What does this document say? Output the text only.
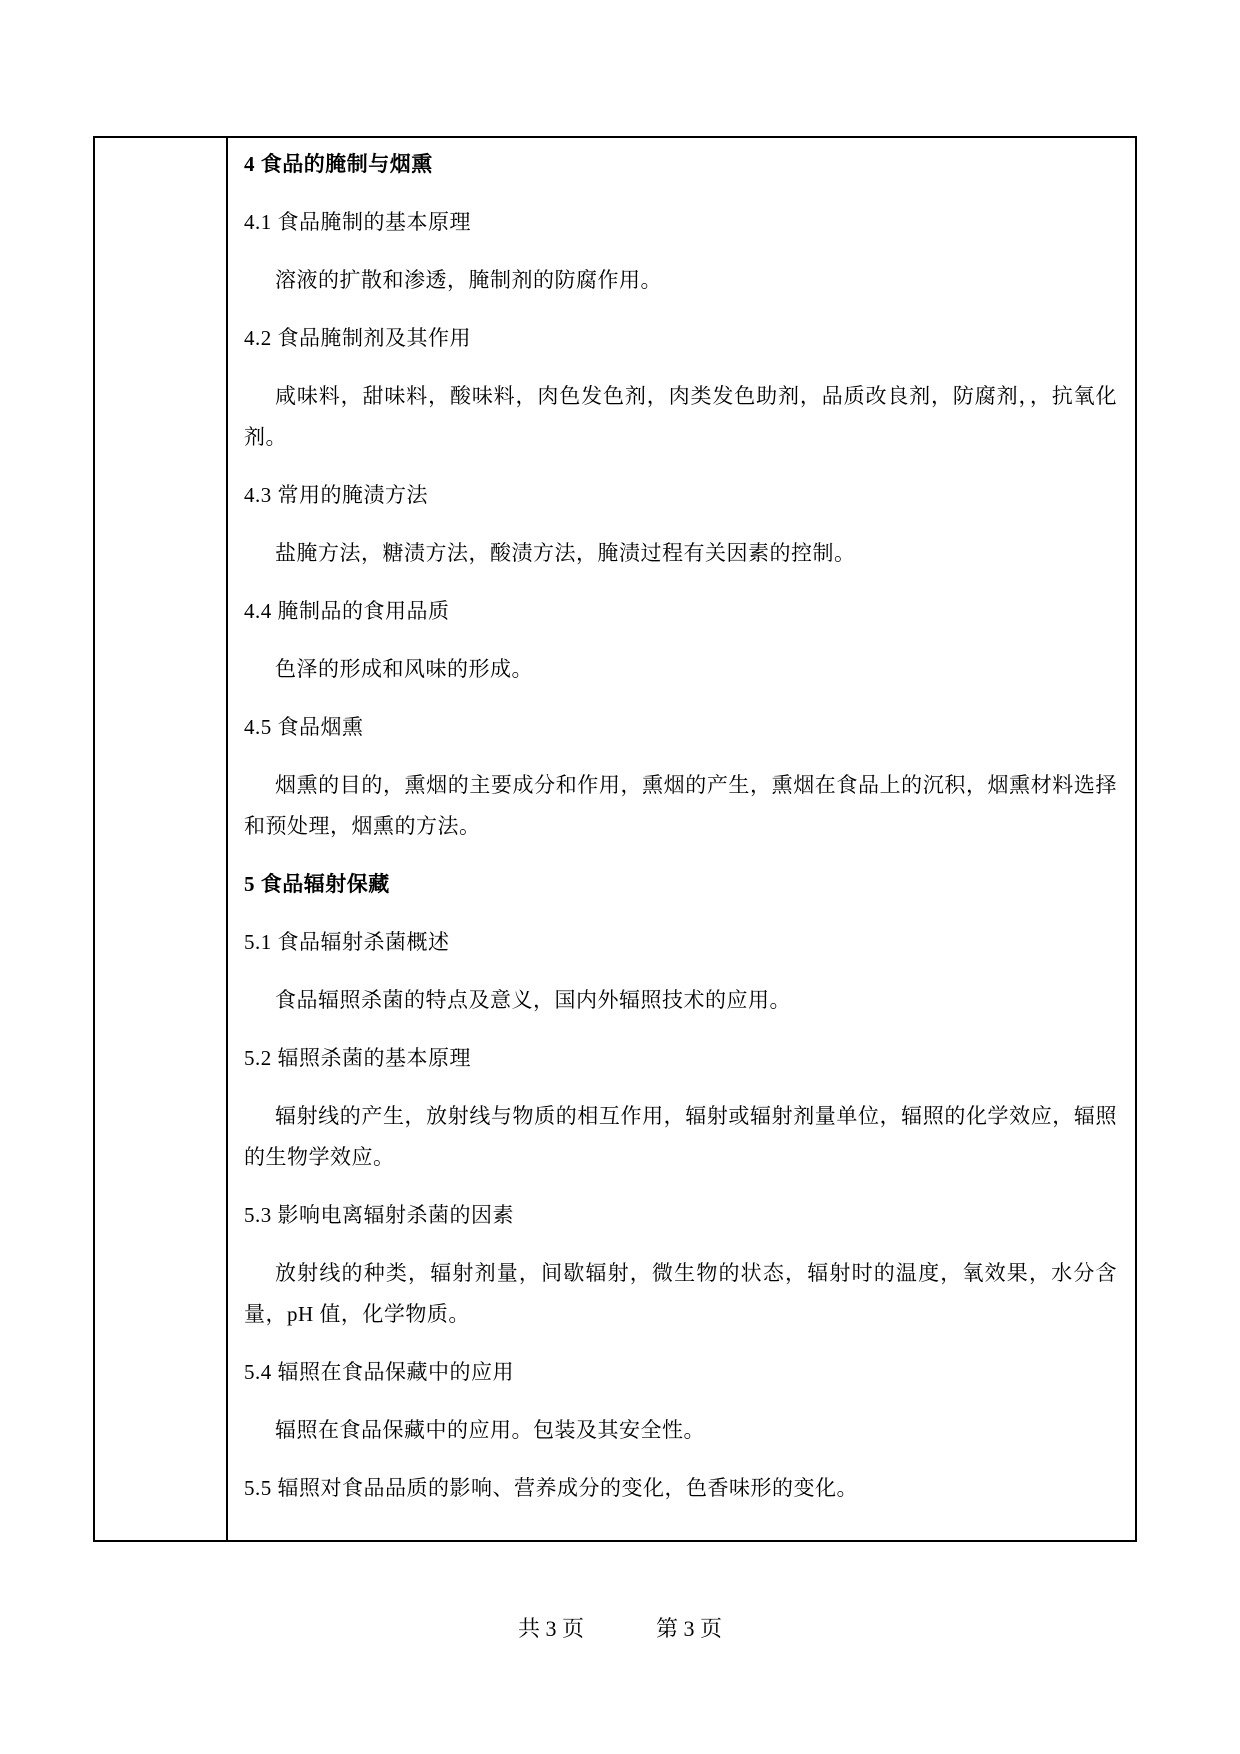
4 食品的腌制与烟熏

4.1 食品腌制的基本原理

溶液的扩散和渗透，腌制剂的防腐作用。

4.2 食品腌制剂及其作用

咸味料，甜味料，酸味料，肉色发色剂，肉类发色助剂，品质改良剂，防腐剂，，抗氧化剂。

4.3 常用的腌渍方法

盐腌方法，糖渍方法，酸渍方法，腌渍过程有关因素的控制。

4.4 腌制品的食用品质

色泽的形成和风味的形成。

4.5 食品烟熏

烟熏的目的，熏烟的主要成分和作用，熏烟的产生，熏烟在食品上的沉积，烟熏材料选择和预处理，烟熏的方法。

5 食品辐射保藏

5.1 食品辐射杀菌概述

食品辐照杀菌的特点及意义，国内外辐照技术的应用。

5.2 辐照杀菌的基本原理

辐射线的产生，放射线与物质的相互作用，辐射或辐射剂量单位，辐照的化学效应，辐照的生物学效应。

5.3 影响电离辐射杀菌的因素

放射线的种类，辐射剂量，间歇辐射，微生物的状态，辐射时的温度，氧效果，水分含量，pH 值，化学物质。

5.4 辐照在食品保藏中的应用

辐照在食品保藏中的应用。包装及其安全性。

5.5 辐照对食品品质的影响、营养成分的变化，色香味形的变化。

共 3 页	第 3 页
